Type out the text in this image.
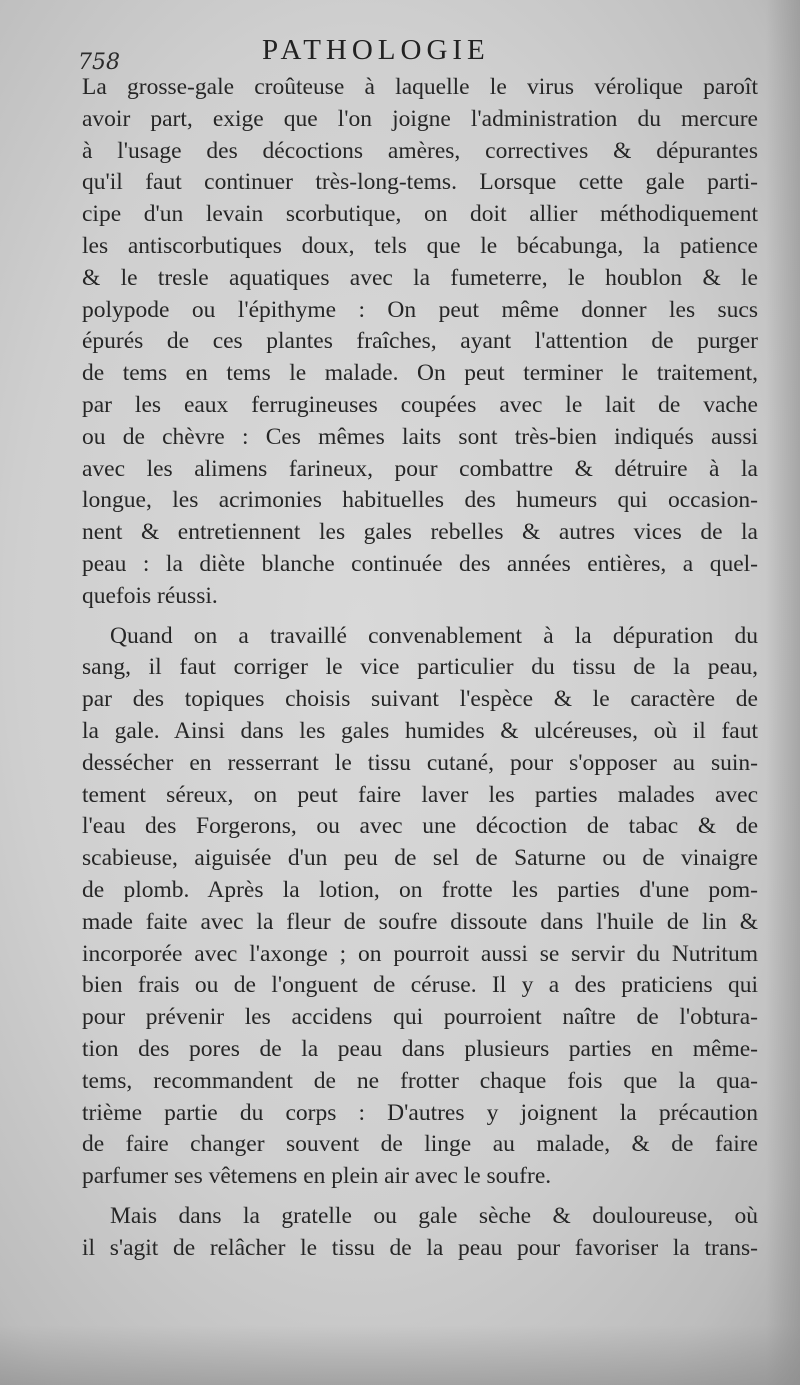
758	PATHOLOGIE
La grosse-gale croûteuse à laquelle le virus vérolique paroît
avoir part, exige que l'on joigne l'administration du mercure
à l'usage des décoctions amères, correctives & dépurantes
qu'il faut continuer très-long-tems. Lorsque cette gale parti-
cipe d'un levain scorbutique, on doit allier méthodiquement
les antiscorbutiques doux, tels que le bécabunga, la patience
& le tresle aquatiques avec la fumeterre, le houblon & le
polypode ou l'épithyme : On peut même donner les sucs
épurés de ces plantes fraîches, ayant l'attention de purger
de tems en tems le malade. On peut terminer le traitement,
par les eaux ferrugineuses coupées avec le lait de vache
ou de chèvre : Ces mêmes laits sont très-bien indiqués aussi
avec les alimens farineux, pour combattre & détruire à la
longue, les acrimonies habituelles des humeurs qui occasion-
nent & entretiennent les gales rebelles & autres vices de la
peau : la diète blanche continuée des années entières, a quel-
quefois réussi.
Quand on a travaillé convenablement à la dépuration du
sang, il faut corriger le vice particulier du tissu de la peau,
par des topiques choisis suivant l'espèce & le caractère de
la gale. Ainsi dans les gales humides & ulcéreuses, où il faut
dessécher en resserrant le tissu cutané, pour s'opposer au suin-
tement séreux, on peut faire laver les parties malades avec
l'eau des Forgerons, ou avec une décoction de tabac & de
scabieuse, aiguisée d'un peu de sel de Saturne ou de vinaigre
de plomb. Après la lotion, on frotte les parties d'une pom-
made faite avec la fleur de soufre dissoute dans l'huile de lin &
incorporée avec l'axonge ; on pourroit aussi se servir du Nutritum
bien frais ou de l'onguent de céruse. Il y a des praticiens qui
pour prévenir les accidens qui pourroient naître de l'obtura-
tion des pores de la peau dans plusieurs parties en même-
tems, recommandent de ne frotter chaque fois que la qua-
trième partie du corps : D'autres y joignent la précaution
de faire changer souvent de linge au malade, & de faire
parfumer ses vêtemens en plein air avec le soufre.
Mais dans la gratelle ou gale sèche & douloureuse, où
il s'agit de relâcher le tissu de la peau pour favoriser la trans-
